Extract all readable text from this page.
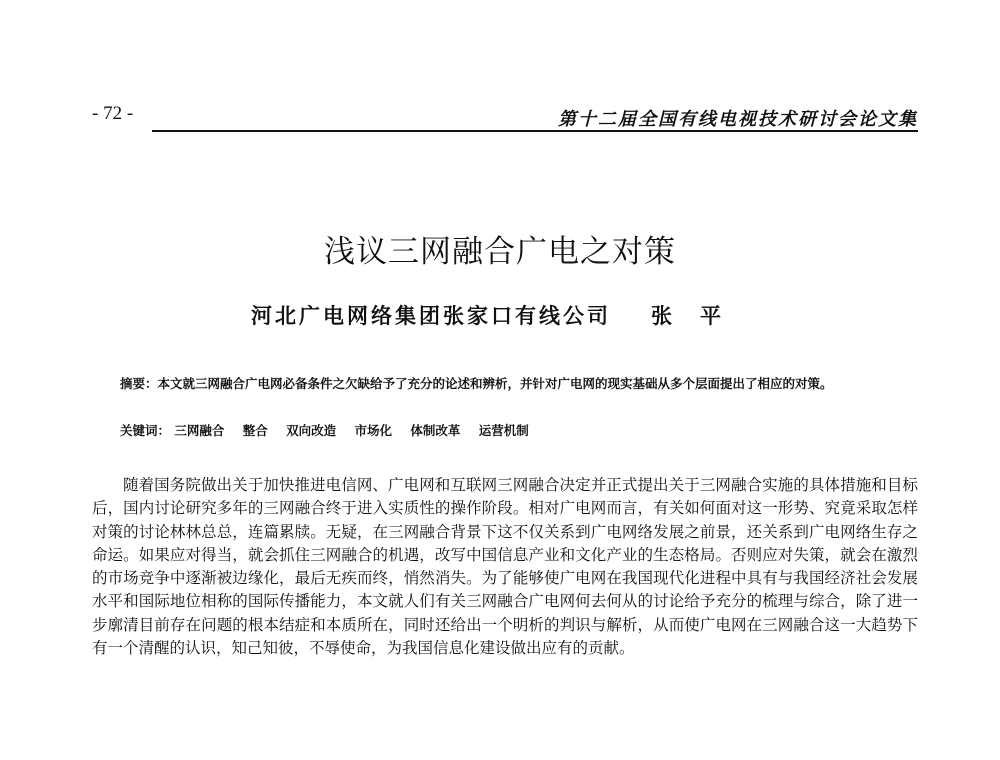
- 72 -	第十二届全国有线电视技术研讨会论文集
浅议三网融合广电之对策
河北广电网络集团张家口有线公司 张平
摘要：本文就三网融合广电网必备条件之欠缺给予了充分的论述和辨析，并针对广电网的现实基础从多个层面提出了相应的对策。
关键词： 三网融合 整合 双向改造 市场化 体制改革 运营机制
随着国务院做出关于加快推进电信网、广电网和互联网三网融合决定并正式提出关于三网融合实施的具体措施和目标后，国内讨论研究多年的三网融合终于进入实质性的操作阶段。相对广电网而言，有关如何面对这一形势、究竟采取怎样对策的讨论林林总总，连篇累牍。无疑，在三网融合背景下这不仅关系到广电网络发展之前景，还关系到广电网络生存之命运。如果应对得当，就会抓住三网融合的机遇，改写中国信息产业和文化产业的生态格局。否则应对失策，就会在激烈的市场竞争中逐渐被边缘化，最后无疾而终，悄然消失。为了能够使广电网在我国现代化进程中具有与我国经济社会发展水平和国际地位相称的国际传播能力，本文就人们有关三网融合广电网何去何从的讨论给予充分的梳理与综合，除了进一步廓清目前存在问题的根本结症和本质所在，同时还给出一个明析的判识与解析，从而使广电网在三网融合这一大趋势下有一个清醒的认识，知己知彼，不辱使命，为我国信息化建设做出应有的贡献。
